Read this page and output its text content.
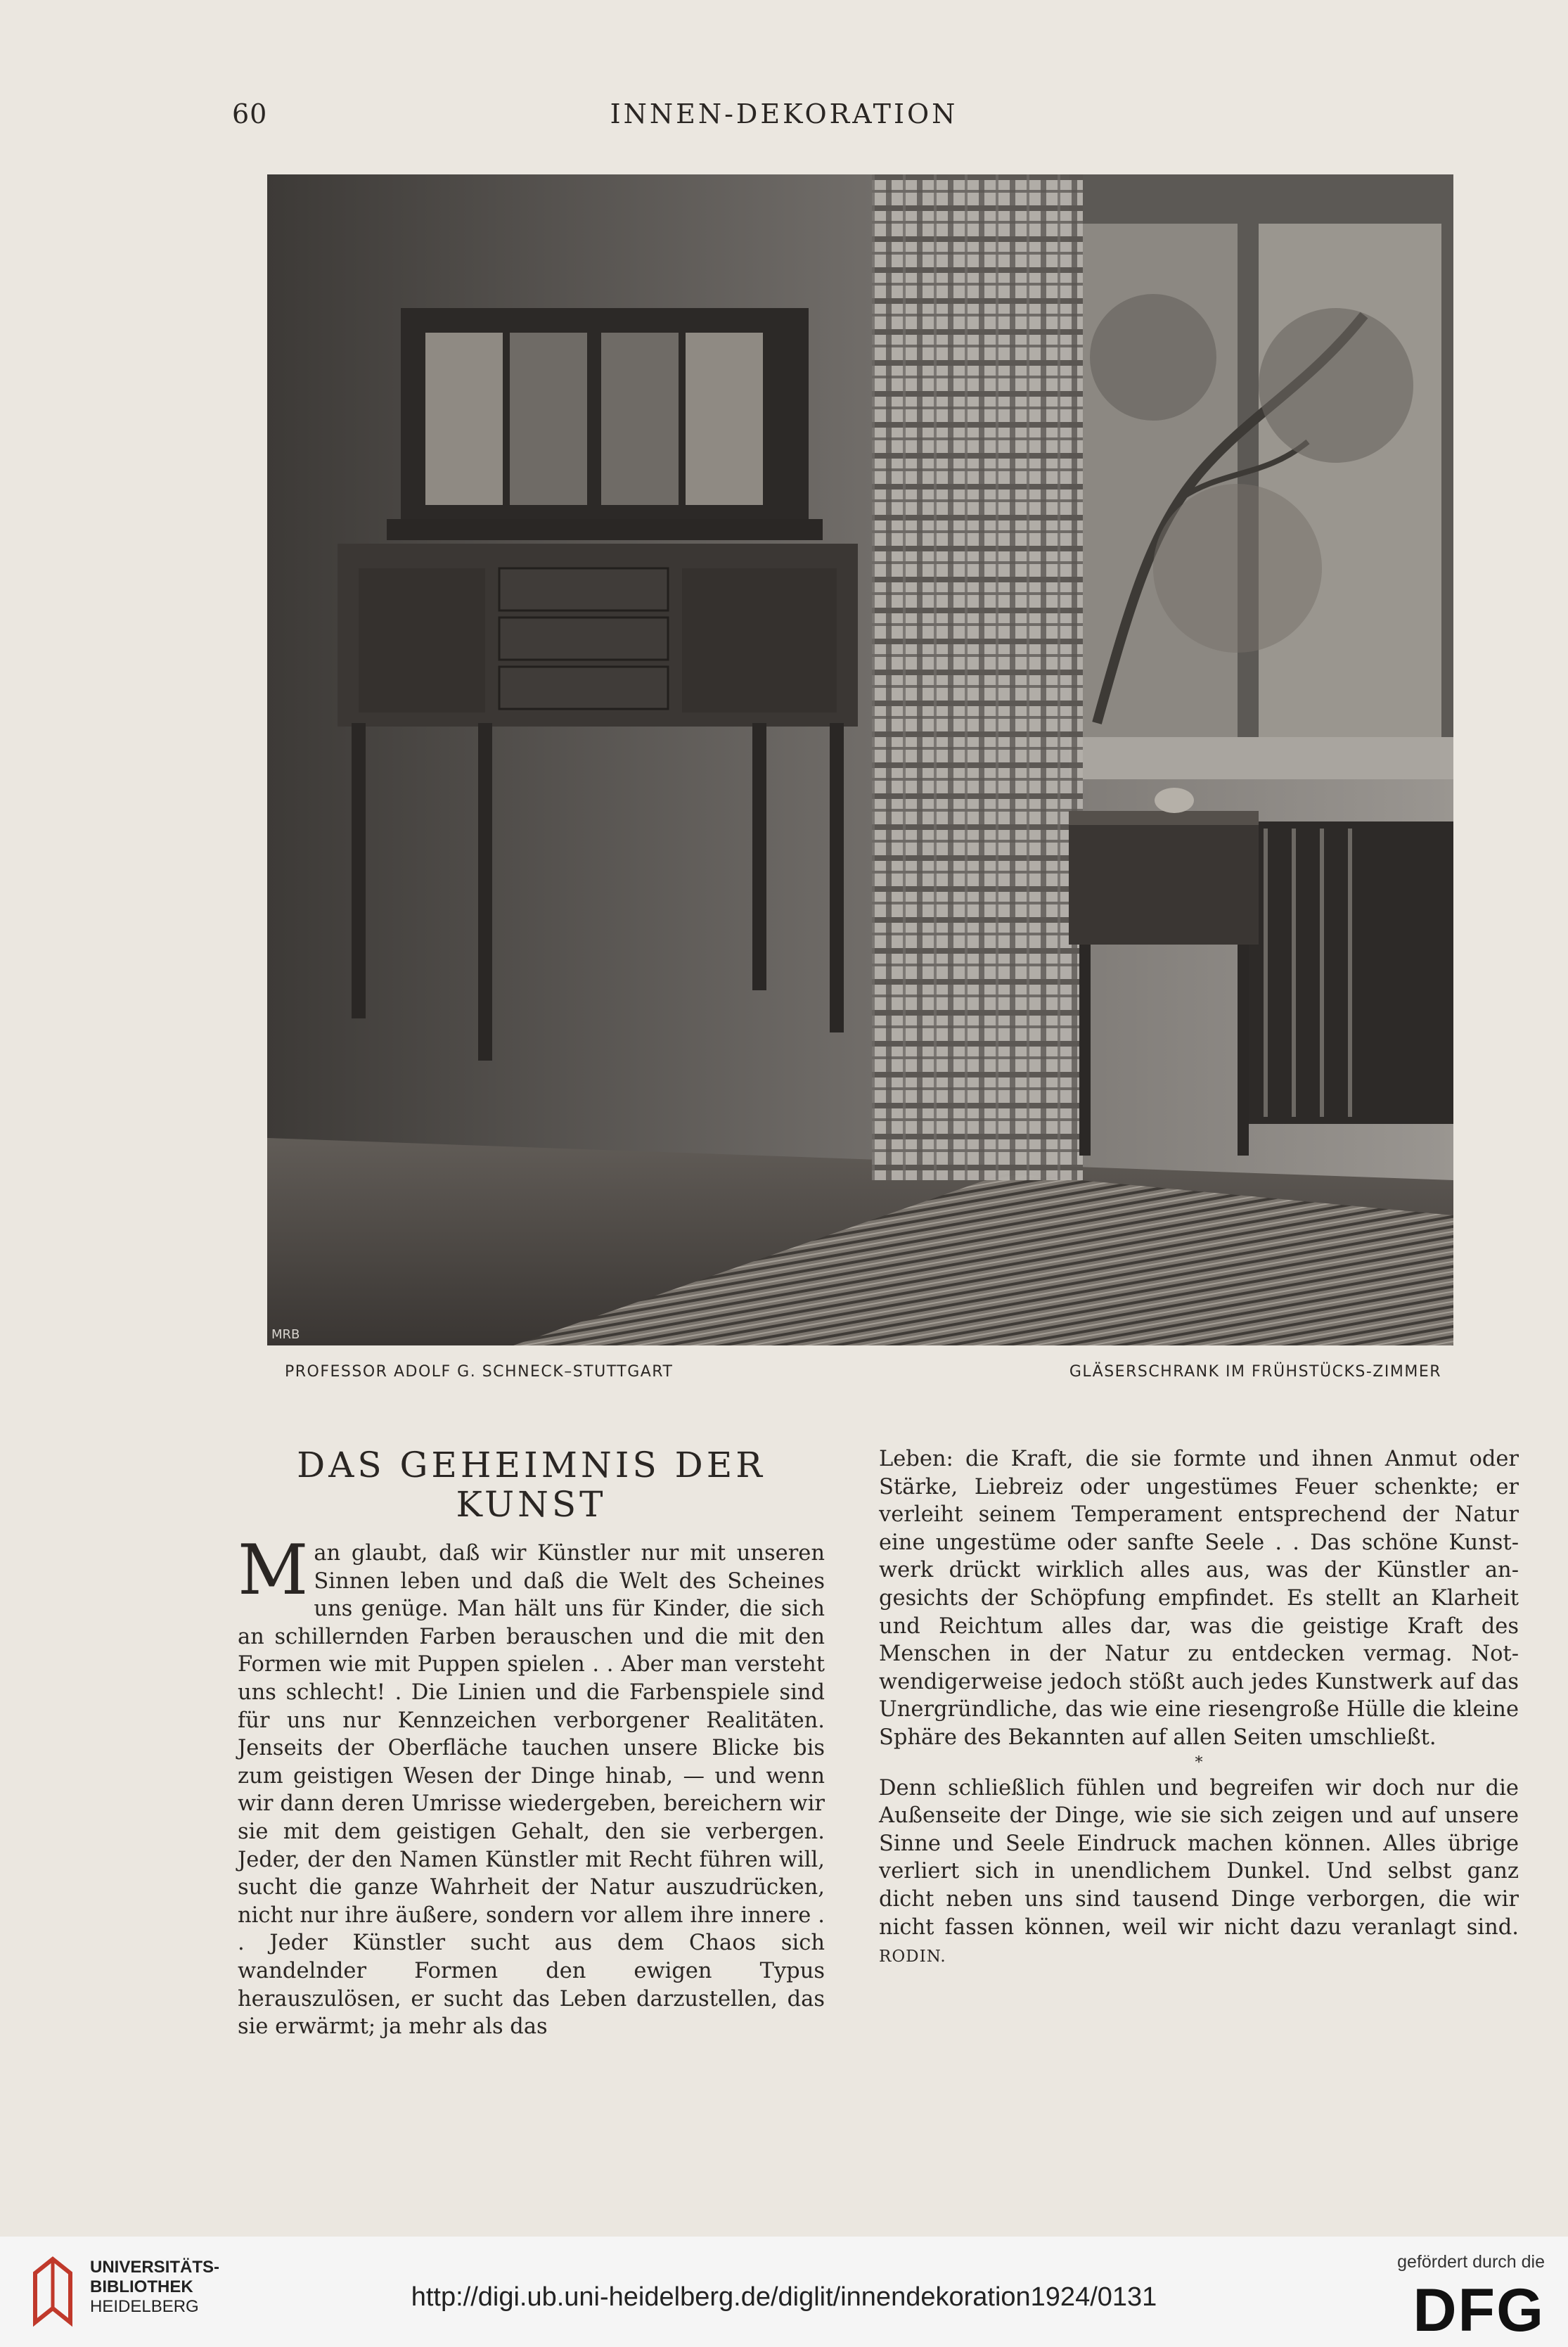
60	INNEN-DEKORATION
MRB
PROFESSOR ADOLF G. SCHNECK–STUTTGART	GLÄSERSCHRANK IM FRÜHSTÜCKS-ZIMMER
DAS GEHEIMNIS DER KUNST

Man glaubt, daß wir Künstler nur mit unseren Sinnen leben und daß die Welt des Scheines uns genüge. Man hält uns für Kinder, die sich an schillernden Farben berauschen und die mit den Formen wie mit Puppen spielen . . Aber man versteht uns schlecht! . Die Linien und die Farbenspiele sind für uns nur Kennzeichen verborgener Realitäten. Jenseits der Oberfläche tauchen unsere Blicke bis zum geistigen Wesen der Dinge hinab, — und wenn wir dann deren Umrisse wiedergeben, bereichern wir sie mit dem geistigen Gehalt, den sie verbergen. Jeder, der den Namen Künstler mit Recht führen will, sucht die ganze Wahrheit der Natur auszudrücken, nicht nur ihre äußere, sondern vor allem ihre innere . . Jeder Künstler sucht aus dem Chaos sich wandelnder Formen den ewigen Typus herauszulösen, er sucht das Leben darzustellen, das sie erwärmt; ja mehr als das

Leben: die Kraft, die sie formte und ihnen Anmut oder Stärke, Liebreiz oder ungestümes Feuer schenkte; er verleiht seinem Temperament entsprechend der Natur eine ungestüme oder sanfte Seele . . Das schöne Kunstwerk drückt wirklich alles aus, was der Künstler angesichts der Schöpfung empfindet. Es stellt an Klarheit und Reichtum alles dar, was die geistige Kraft des Menschen in der Natur zu entdecken vermag. Notwendigerweise jedoch stößt auch jedes Kunstwerk auf das Unergründliche, das wie eine riesengroße Hülle die kleine Sphäre des Bekannten auf allen Seiten umschließt.

*

Denn schließlich fühlen und begreifen wir doch nur die Außenseite der Dinge, wie sie sich zeigen und auf unsere Sinne und Seele Eindruck machen können. Alles übrige verliert sich in unendlichem Dunkel. Und selbst ganz dicht neben uns sind tausend Dinge verborgen, die wir nicht fassen können, weil wir nicht dazu veranlagt sind. RODIN.

UNIVERSITÄTS-
BIBLIOTHEK
HEIDELBERG	http://digi.ub.uni-heidelberg.de/diglit/innendekoration1924/0131
gefördert durch die
DFG
